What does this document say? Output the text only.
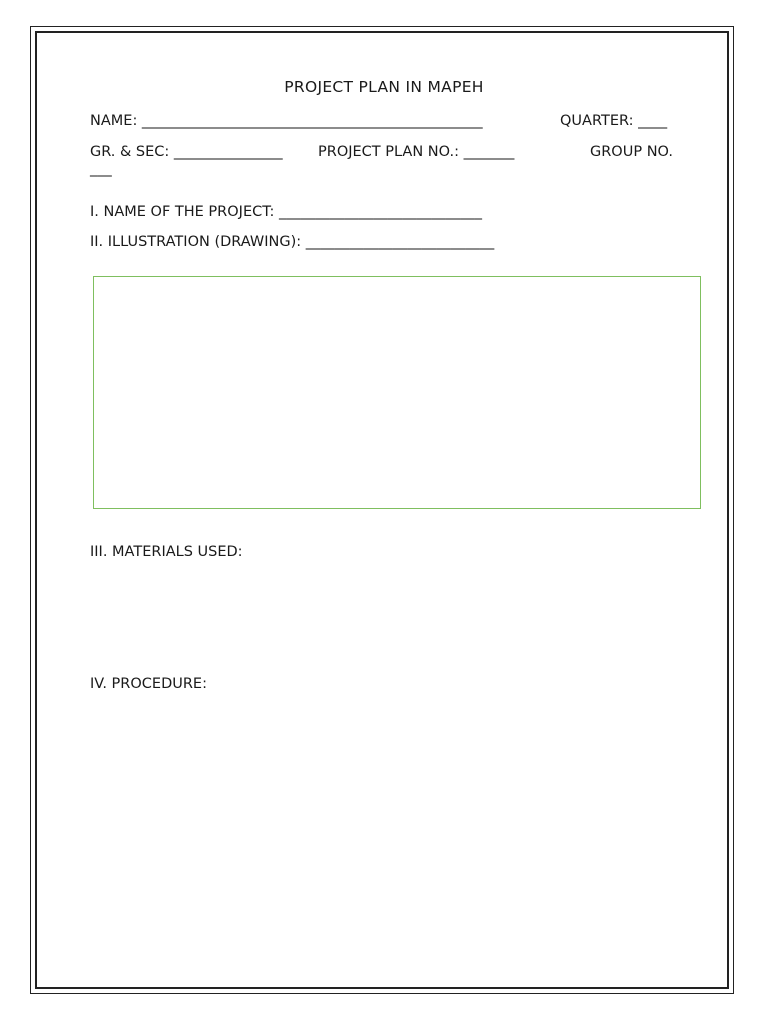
PROJECT PLAN IN MAPEH
NAME: _______________________________________________	QUARTER: ____
GR. & SEC: _______________ PROJECT PLAN NO.: _______	GROUP NO.
___
I. NAME OF THE PROJECT: ____________________________
II. ILLUSTRATION (DRAWING): __________________________
III. MATERIALS USED:
IV. PROCEDURE:
